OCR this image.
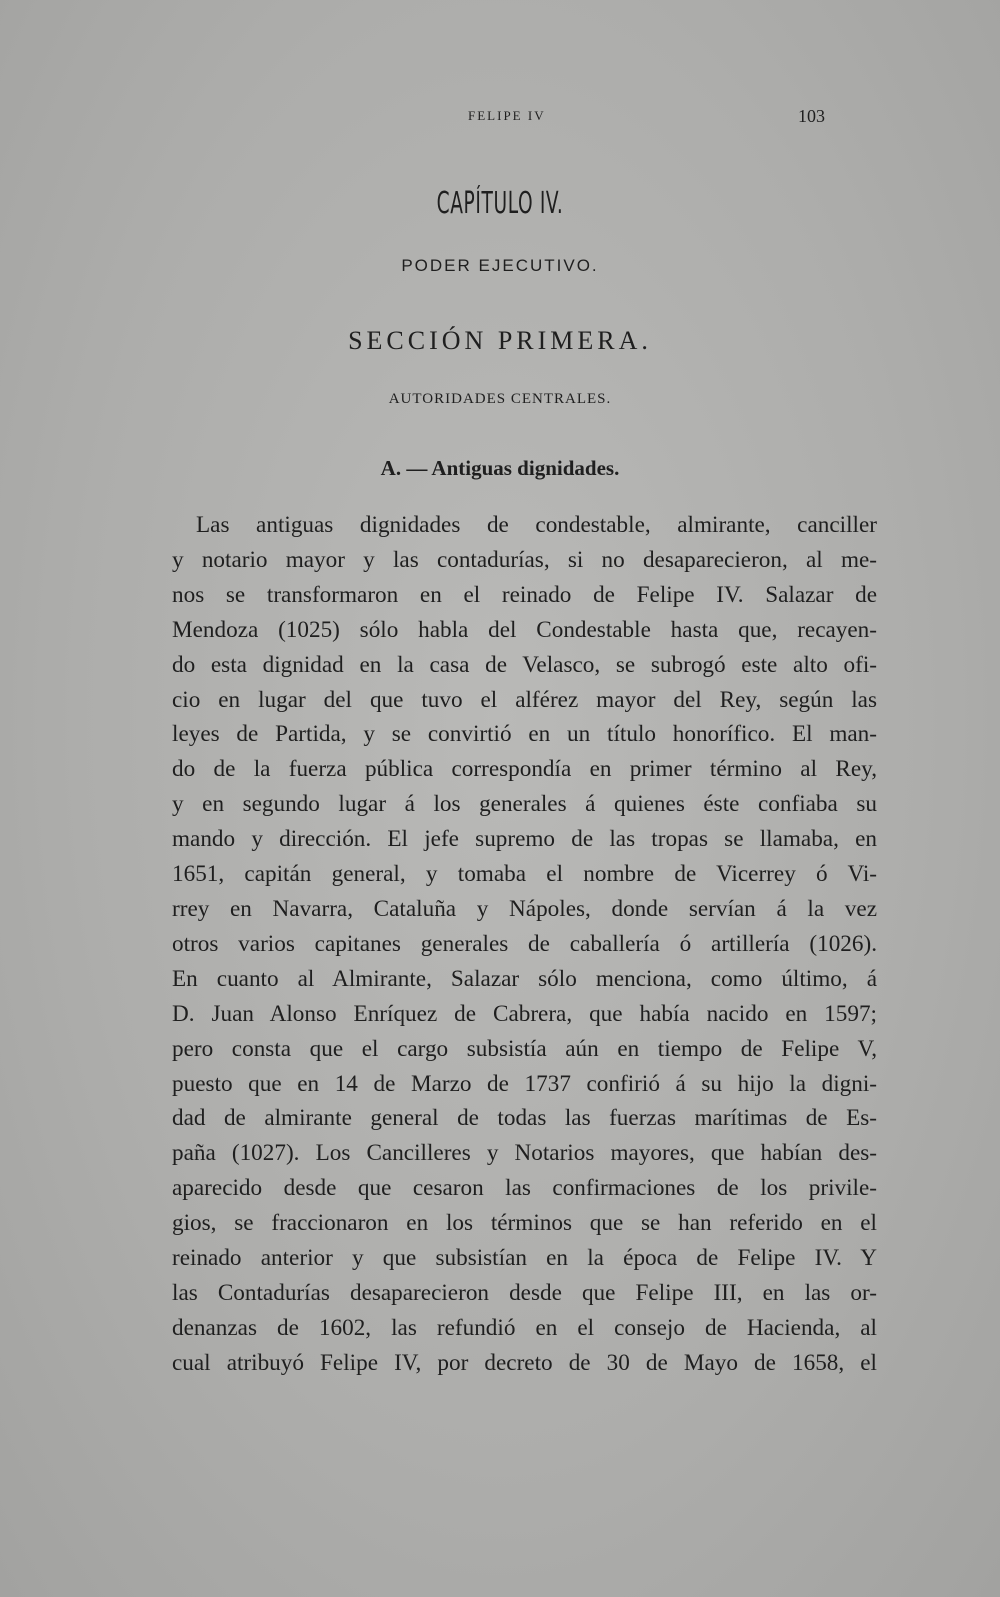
FELIPE IV	103
CAPÍTULO IV.
PODER EJECUTIVO.
SECCIÓN PRIMERA.
AUTORIDADES CENTRALES.
A. — Antiguas dignidades.
Las antiguas dignidades de condestable, almirante, canciller
y notario mayor y las contadurías, si no desaparecieron, al me-
nos se transformaron en el reinado de Felipe IV. Salazar de
Mendoza (1025) sólo habla del Condestable hasta que, recayen-
do esta dignidad en la casa de Velasco, se subrogó este alto ofi-
cio en lugar del que tuvo el alférez mayor del Rey, según las
leyes de Partida, y se convirtió en un título honorífico. El man-
do de la fuerza pública correspondía en primer término al Rey,
y en segundo lugar á los generales á quienes éste confiaba su
mando y dirección. El jefe supremo de las tropas se llamaba, en
1651, capitán general, y tomaba el nombre de Vicerrey ó Vi-
rrey en Navarra, Cataluña y Nápoles, donde servían á la vez
otros varios capitanes generales de caballería ó artillería (1026).
En cuanto al Almirante, Salazar sólo menciona, como último, á
D. Juan Alonso Enríquez de Cabrera, que había nacido en 1597;
pero consta que el cargo subsistía aún en tiempo de Felipe V,
puesto que en 14 de Marzo de 1737 confirió á su hijo la digni-
dad de almirante general de todas las fuerzas marítimas de Es-
paña (1027). Los Cancilleres y Notarios mayores, que habían des-
aparecido desde que cesaron las confirmaciones de los privile-
gios, se fraccionaron en los términos que se han referido en el
reinado anterior y que subsistían en la época de Felipe IV. Y
las Contadurías desaparecieron desde que Felipe III, en las or-
denanzas de 1602, las refundió en el consejo de Hacienda, al
cual atribuyó Felipe IV, por decreto de 30 de Mayo de 1658, el
